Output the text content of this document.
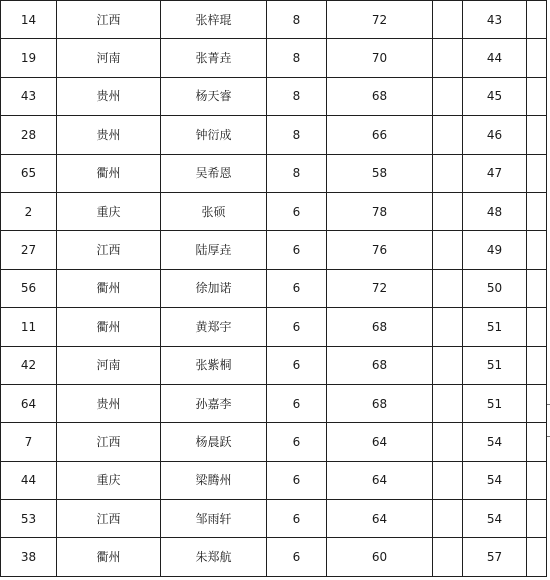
14	江西	张梓琨	8	72		43	
19	河南	张菁垚	8	70		44	
43	贵州	杨天睿	8	68		45	
28	贵州	钟衍成	8	66		46	
65	衢州	吴希恩	8	58		47	
2	重庆	张硕	6	78		48	
27	江西	陆厚垚	6	76		49	
56	衢州	徐加诺	6	72		50	
11	衢州	黄郑宇	6	68		51	
42	河南	张紫桐	6	68		51	
64	贵州	孙嘉李	6	68		51	
7	江西	杨晨跃	6	64		54	
44	重庆	梁腾州	6	64		54	
53	江西	邹雨轩	6	64		54	
38	衢州	朱郑航	6	60		57	
